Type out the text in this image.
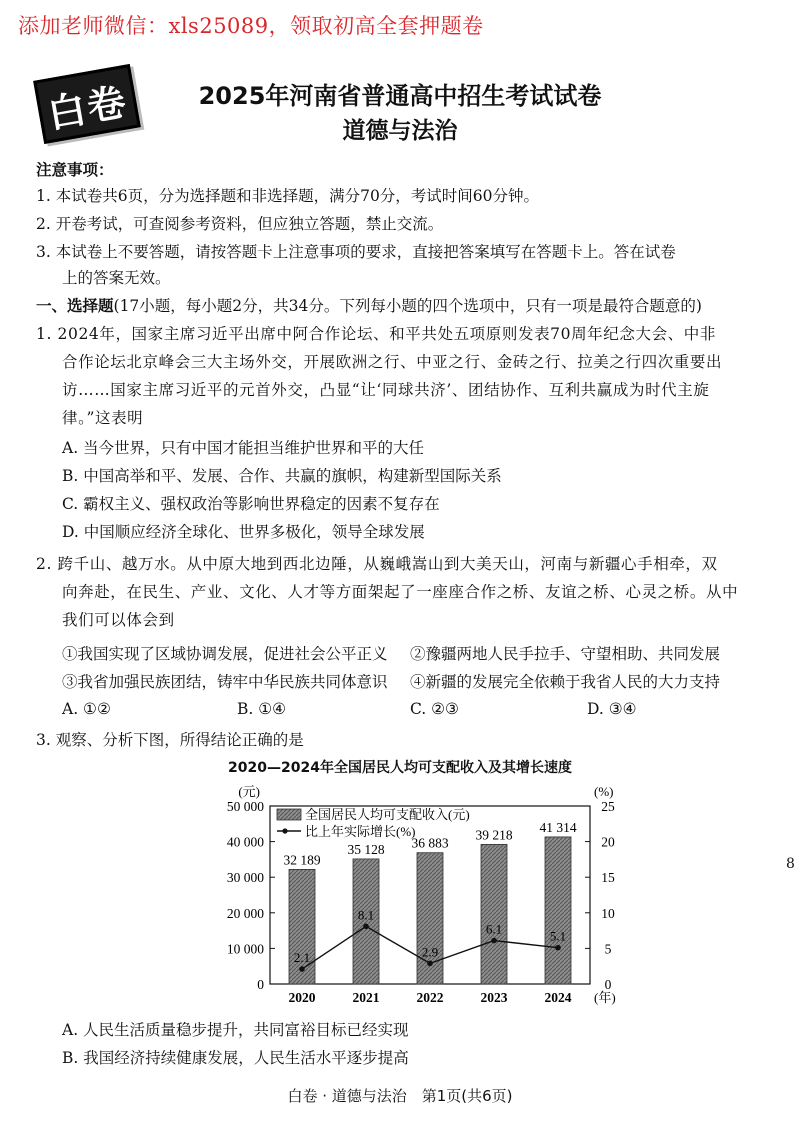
添加老师微信：xls25089，领取初高全套押题卷
白卷	2025年河南省普通高中招生考试试卷
道德与法治
注意事项：
1. 本试卷共6页，分为选择题和非选择题，满分70分，考试时间60分钟。
2. 开卷考试，可查阅参考资料，但应独立答题，禁止交流。
3. 本试卷上不要答题，请按答题卡上注意事项的要求，直接把答案填写在答题卡上。答在试卷
上的答案无效。
一、选择题(17小题，每小题2分，共34分。下列每小题的四个选项中，只有一项是最符合题意的)
1. 2024年，国家主席习近平出席中阿合作论坛、和平共处五项原则发表70周年纪念大会、中非
合作论坛北京峰会三大主场外交，开展欧洲之行、中亚之行、金砖之行、拉美之行四次重要出
访……国家主席习近平的元首外交，凸显“让‘同球共济’、团结协作、互利共赢成为时代主旋
律。”这表明
A. 当今世界，只有中国才能担当维护世界和平的大任
B. 中国高举和平、发展、合作、共赢的旗帜，构建新型国际关系
C. 霸权主义、强权政治等影响世界稳定的因素不复存在
D. 中国顺应经济全球化、世界多极化，领导全球发展
2. 跨千山、越万水。从中原大地到西北边陲，从巍峨嵩山到大美天山，河南与新疆心手相牵，双
向奔赴，在民生、产业、文化、人才等方面架起了一座座合作之桥、友谊之桥、心灵之桥。从中
我们可以体会到
①我国实现了区域协调发展，促进社会公平正义 ②豫疆两地人民手拉手、守望相助、共同发展
③我省加强民族团结，铸牢中华民族共同体意识 ④新疆的发展完全依赖于我省人民的大力支持
A. ①②	B. ①④	C. ②③	D. ③④
3. 观察、分析下图，所得结论正确的是
2020—2024年全国居民人均可支配收入及其增长速度
(元)	(%)
0
10 000
20 000
30 000
40 000
50 000
0
5
10
15
20
25
32 189
35 128 36 883
39 218 41 314
2.1
8.1
2.9
6.1	5.1
2020	2021	2022	2023	2024 (年)
全国居民人均可支配收入(元)
比上年实际增长(%)
A. 人民生活质量稳步提升，共同富裕目标已经实现
B. 我国经济持续健康发展，人民生活水平逐步提高
8
白卷 · 道德与法治　第1页(共6页)
